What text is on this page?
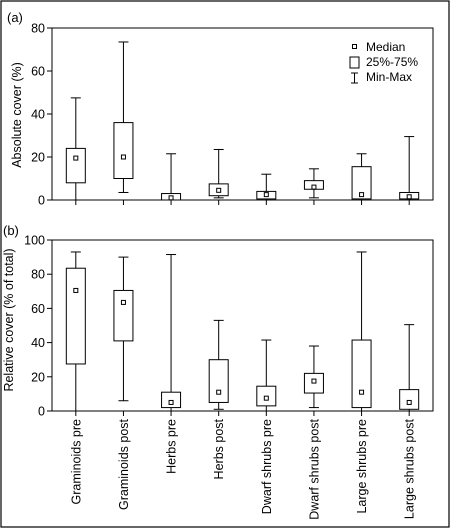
(a)
(b)
Absolute cover (%)
Relative cover (% of total)
Median
25%-75%
Min-Max
0
20
40
60
80
0
20
40
60
80
100
Graminoids pre	Graminoids post	Herbs pre	Herbs post	Dwarf shrubs pre	Dwarf shrubs post	Large shrubs pre	Large shrubs post
